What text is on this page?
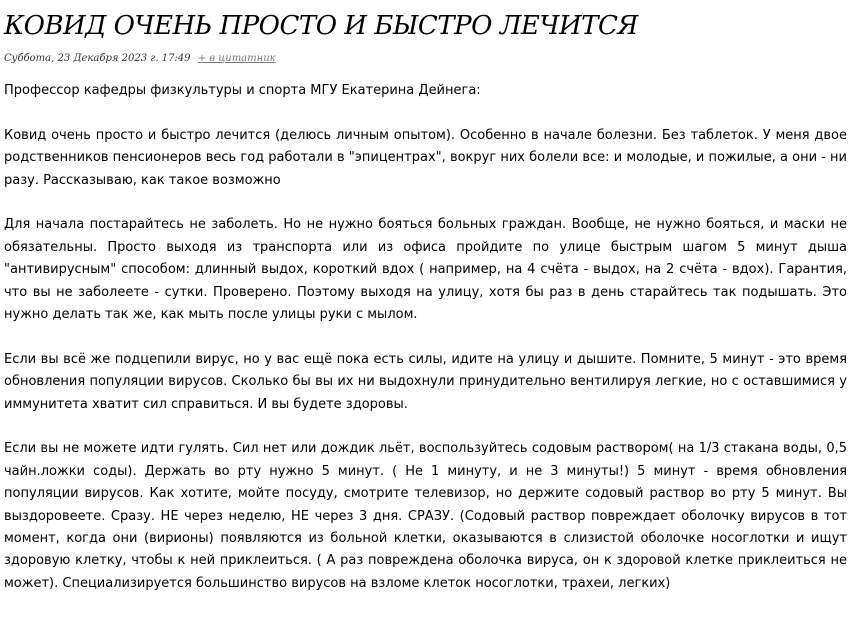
КОВИД ОЧЕНЬ ПРОСТО И БЫСТРО ЛЕЧИТСЯ
Суббота, 23 Декабря 2023 г. 17:49 + в цитатник

Профессор кафедры физкультуры и спорта МГУ Екатерина Дейнега:

Ковид очень просто и быстро лечится (делюсь личным опытом). Особенно в начале болезни. Без таблеток. У меня двое родственников пенсионеров весь год работали в "эпицентрах", вокруг них болели все: и молодые, и пожилые, а они - ни разу. Рассказываю, как такое возможно

Для начала постарайтесь не заболеть. Но не нужно бояться больных граждан. Вообще, не нужно бояться, и маски не обязательны. Просто выходя из транспорта или из офиса пройдите по улице быстрым шагом 5 минут дыша "антивирусным" способом: длинный выдох, короткий вдох ( например, на 4 счёта - выдох, на 2 счёта - вдох). Гарантия, что вы не заболеете - сутки. Проверено. Поэтому выходя на улицу, хотя бы раз в день старайтесь так подышать. Это нужно делать так же, как мыть после улицы руки с мылом.

Если вы всё же подцепили вирус, но у вас ещё пока есть силы, идите на улицу и дышите. Помните, 5 минут - это время обновления популяции вирусов. Сколько бы вы их ни выдохнули принудительно вентилируя легкие, но с оставшимися у иммунитета хватит сил справиться. И вы будете здоровы.

Если вы не можете идти гулять. Сил нет или дождик льёт, воспользуйтесь содовым раствором( на 1/3 стакана воды, 0,5 чайн.ложки соды). Держать во рту нужно 5 минут. ( Не 1 минуту, и не 3 минуты!) 5 минут - время обновления популяции вирусов. Как хотите, мойте посуду, смотрите телевизор, но держите содовый раствор во рту 5 минут. Вы выздоровеете. Сразу. НЕ через неделю, НЕ через 3 дня. СРАЗУ. (Содовый раствор повреждает оболочку вирусов в тот момент, когда они (вирионы) появляются из больной клетки, оказываются в слизистой оболочке носоглотки и ищут здоровую клетку, чтобы к ней приклеиться. ( А раз повреждена оболочка вируса, он к здоровой клетке приклеиться не может). Специализируется большинство вирусов на взломе клеток носоглотки, трахеи, легких)
